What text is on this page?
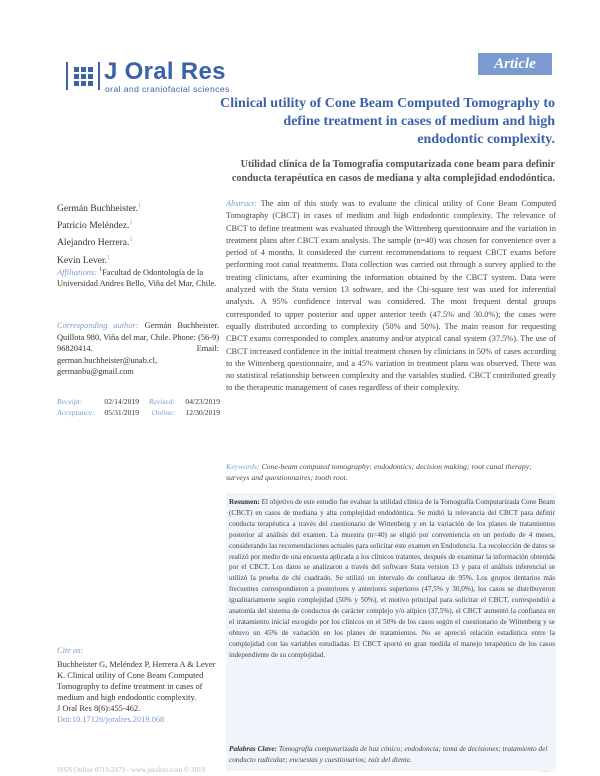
J Oral Res
oral and craniofacial sciences
Article
Clinical utility of Cone Beam Computed Tomography to define treatment in cases of medium and high endodontic complexity.
Utilidad clínica de la Tomografía computarizada cone beam para definir conducta terapéutica en casos de mediana y alta complejidad endodóntica.
Germán Buchheister.$^1$
Patricio Meléndez.$^1$
Alejandro Herrera.$^1$
Kevin Lever.$^1$
Affiliations: $^1$Facultad de Odontología de la Universidad Andres Bello, Viña del Mar, Chile.
Corresponding author: Germán Buchheister. Quillota 980, Viña del mar, Chile. Phone: (56-9) 96820414. Email: german.buchheister@unab.cl, germanbu@gmail.com
Receipt:	02/14/2019	Revised:	04/23/2019
Acceptance:	05/31/2019	Online:	12/30/2019
Cite as:
Buchheister G, Meléndez P, Herrera A & Lever K. Clinical utility of Cone Beam Computed Tomography to define treatment in cases of medium and high endodontic complexity.
J Oral Res 8(6):455-462.
Doi:10.17126/joralres.2019.068
ISSN Online 0719-2479 - www.joralres.com © 2019
Abstract: The aim of this study was to evaluate the clinical utility of Cone Beam Computed Tomography (CBCT) in cases of medium and high endodontic complexity. The relevance of CBCT to define treatment was evaluated through the Wittenberg questionnaire and the variation in treatment plans after CBCT exam analysis. The sample (n=40) was chosen for convenience over a period of 4 months. It considered the current recommendations to request CBCT exams before performing root canal treatments. Data collection was carried out through a survey applied to the treating clinicians, after examining the information obtained by the CBCT system. Data were analyzed with the Stata version 13 software, and the Chi-square test was used for inferential analysis. A 95% confidence interval was considered. The most frequent dental groups corresponded to upper posterior and upper anterior teeth (47.5% and 30.0%); the cases were equally distributed according to complexity (50% and 50%). The main reason for requesting CBCT exams corresponded to complex anatomy and/or atypical canal system (37.5%). The use of CBCT increased confidence in the initial treatment chosen by clinicians in 50% of cases according to the Wittenberg questionnaire, and a 45% variation in treatment plans was observed. There was no statistical relationship between complexity and the variables studied. CBCT contributed greatly to the therapeutic management of cases regardless of their complexity.
Keywords: Cone-beam computed tomography; endodontics; decision making; root canal therapy; surveys and questionnaires; tooth root.
Resumen: El objetivo de este estudio fue evaluar la utilidad clínica de la Tomografía Computarizada Cone Beam (CBCT) en casos de mediana y alta complejidad endodóntica. Se midió la relevancia del CBCT para definir conducta terapéutica a través del cuestionario de Wittenberg y en la variación de los planes de tratamientos posterior al análisis del examen. La muestra (n=40) se eligió por conveniencia en un período de 4 meses, considerando las recomendaciones actuales para solicitar este examen en Endodoncia. La recolección de datos se realizó por medio de una encuesta aplicada a los clínicos tratantes, después de examinar la información obtenida por el CBCT. Los datos se analizaron a través del software Stata version 13 y para el análisis inferencial se utilizó la prueba de chi cuadrado. Se utilizó un intervalo de confianza de 95%. Los grupos dentarios más frecuentes correspondieron a posteriores y anteriores superiores (47,5% y 30,0%), los casos se distribuyeron igualitariamente según complejidad (50% y 50%), el motivo principal para solicitar el CBCT, correspondió a anatomía del sistema de conductos de carácter complejo y/o atípico (37,5%), el CBCT aumentó la confianza en el tratamiento inicial escogido por los clínicos en el 50% de los casos según el cuestionario de Wittenberg y se obtuvo un 45% de variación en los planes de tratamientos. No se apreció relación estadística entre la complejidad con las variables estudiadas. El CBCT aportó en gran medida el manejo terapéutico de los casos independiente de su complejidad.
Palabras Clave: Tomografía computarizada de haz cónico; endodoncia; toma de decisiones; tratamiento del conducto radicular; encuestas y cuestionarios; raíz del diente.
